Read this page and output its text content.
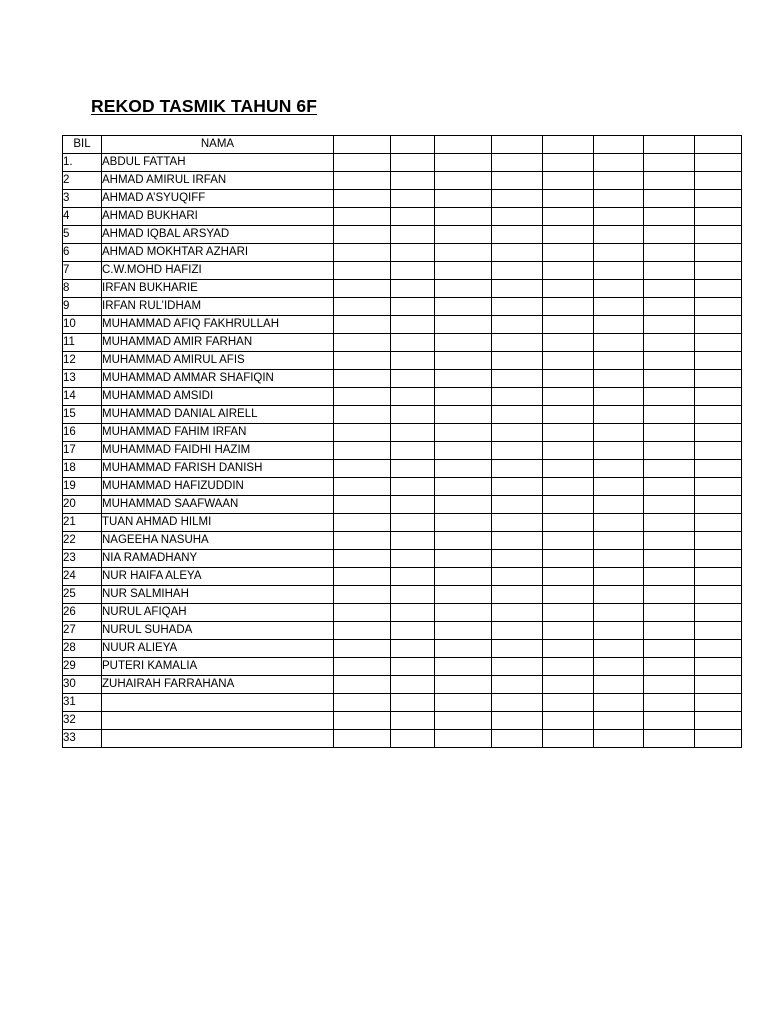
REKOD TASMIK TAHUN 6F
BIL	NAMA								
1.	ABDUL FATTAH								
2	AHMAD AMIRUL IRFAN								
3	AHMAD A’SYUQIFF								
4	AHMAD BUKHARI								
5	AHMAD IQBAL ARSYAD								
6	AHMAD MOKHTAR AZHARI								
7	C.W.MOHD HAFIZI								
8	IRFAN BUKHARIE								
9	IRFAN RUL’IDHAM								
10	MUHAMMAD AFIQ FAKHRULLAH								
11	MUHAMMAD AMIR FARHAN								
12	MUHAMMAD AMIRUL AFIS								
13	MUHAMMAD AMMAR SHAFIQIN								
14	MUHAMMAD AMSIDI								
15	MUHAMMAD DANIAL AIRELL								
16	MUHAMMAD FAHIM IRFAN								
17	MUHAMMAD FAIDHI HAZIM								
18	MUHAMMAD FARISH DANISH								
19	MUHAMMAD HAFIZUDDIN								
20	MUHAMMAD SAAFWAAN								
21	TUAN AHMAD HILMI								
22	NAGEEHA NASUHA								
23	NIA RAMADHANY								
24	NUR HAIFA ALEYA								
25	NUR SALMIHAH								
26	NURUL AFIQAH								
27	NURUL SUHADA								
28	NUUR ALIEYA								
29	PUTERI KAMALIA								
30	ZUHAIRAH FARRAHANA								
31									
32									
33									
